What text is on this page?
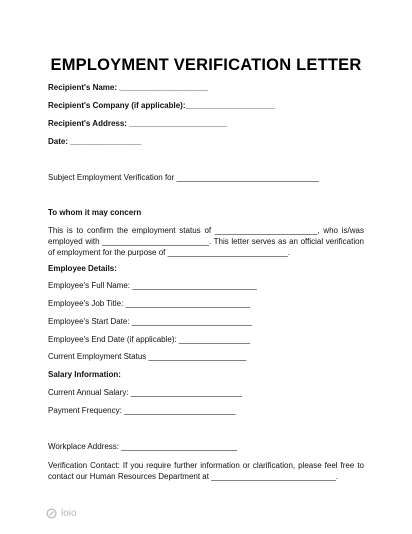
EMPLOYMENT VERIFICATION LETTER
Recipient's Name: ____________________
Recipient's Company (if applicable):____________________
Recipient's Address: ______________________
Date: ________________
Subject Employment Verification for ________________________________
To whom it may concern
This is to confirm the employment status of _______________________, who is/was employed with ________________________. This letter serves as an official verification of employment for the purpose of ___________________________.
Employee Details:
Employee's Full Name: ____________________________
Employee's Job Title: ____________________________
Employee's Start Date: ___________________________
Employee's End Date (if applicable): ________________
Current Employment Status ______________________
Salary Information:
Current Annual Salary: _________________________
Payment Frequency: _________________________
Workplace Address: __________________________
Verification Contact: If you require further information or clarification, please feel free to contact our Human Resources Department at ____________________________.
loio
